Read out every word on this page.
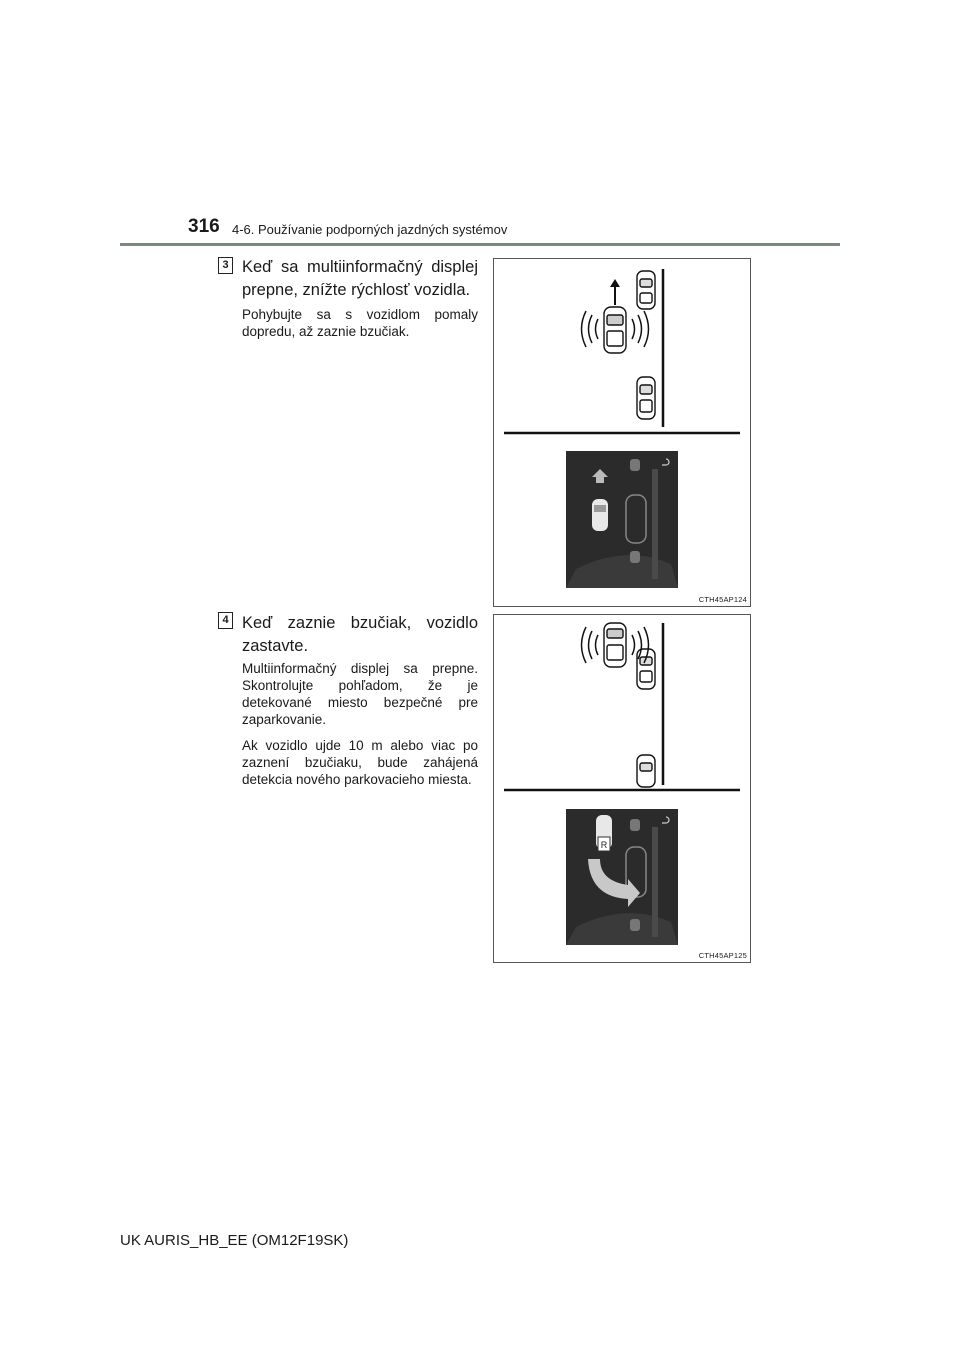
316 4-6. Používanie podporných jazdných systémov
3 Keď sa multiinformačný displej prepne, znížte rýchlosť vozidla.

Pohybujte sa s vozidlom pomaly dopredu, až zaznie bzučiak.

CTH45AP124
4 Keď zaznie bzučiak, vozidlo zastavte.

Multiinformačný displej sa prepne. Skontrolujte pohľadom, že je detekované miesto bezpečné pre zaparkovanie.

Ak vozidlo ujde 10 m alebo viac po zaznení bzučiaku, bude zahájená detekcia nového parkovacieho miesta.

R
CTH45AP125
UK AURIS_HB_EE (OM12F19SK)
